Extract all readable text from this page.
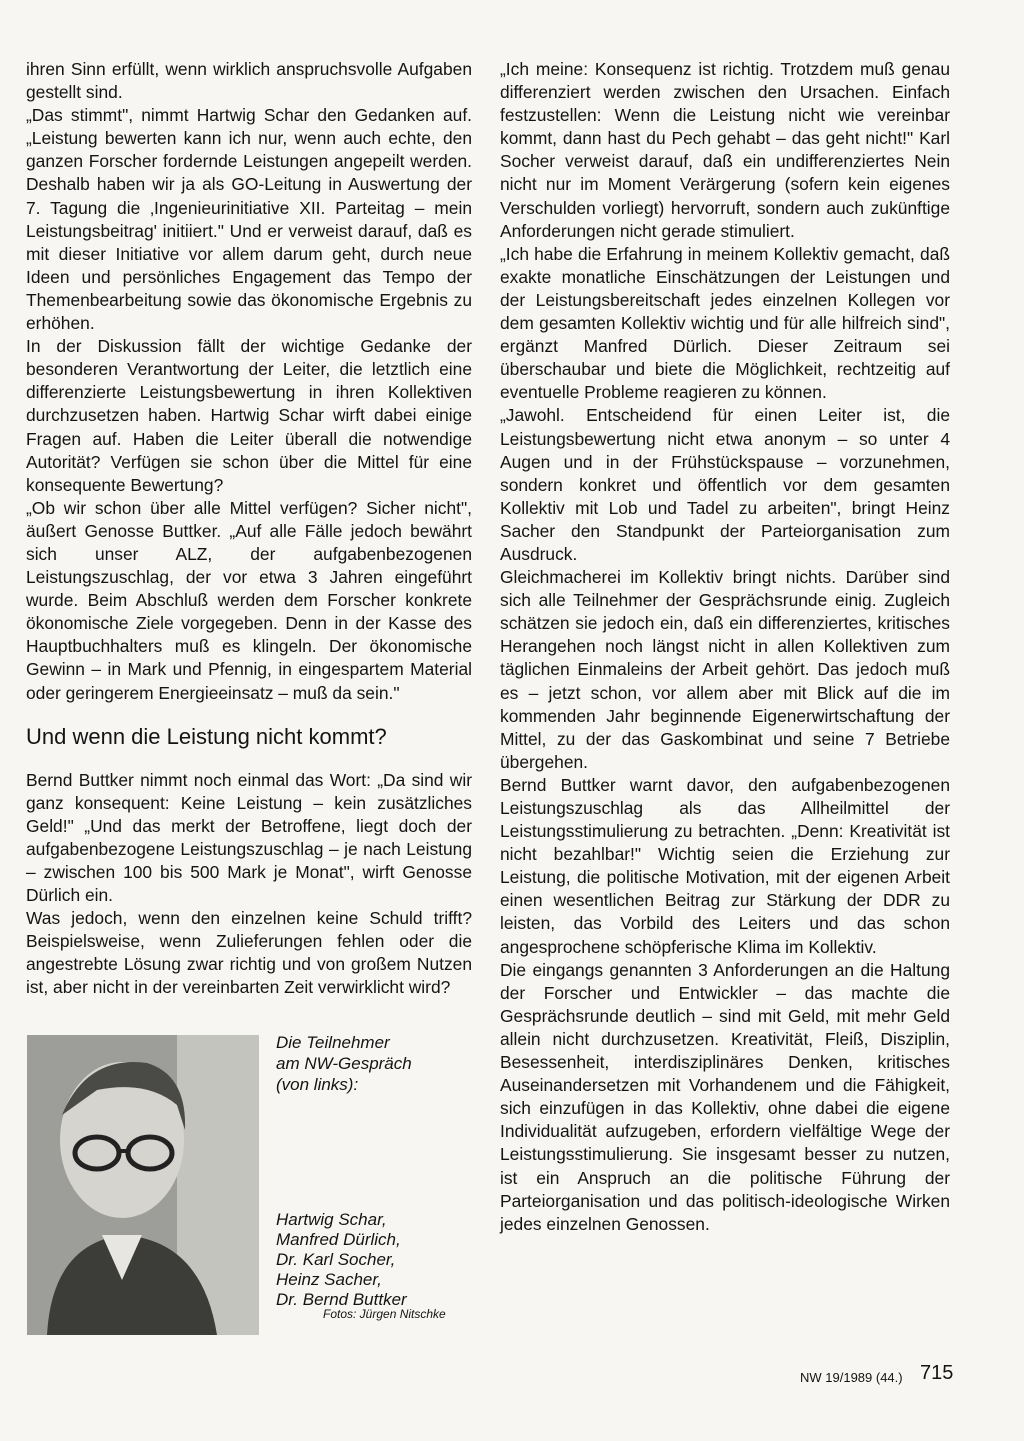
ihren Sinn erfüllt, wenn wirklich anspruchsvolle Aufgaben gestellt sind.

„Das stimmt", nimmt Hartwig Schar den Gedanken auf. „Leistung bewerten kann ich nur, wenn auch echte, den ganzen Forscher fordernde Leistungen angepeilt werden. Deshalb haben wir ja als GO-Leitung in Auswertung der 7. Tagung die ‚Ingenieurinitiative XII. Parteitag – mein Leistungsbeitrag' initiiert." Und er verweist darauf, daß es mit dieser Initiative vor allem darum geht, durch neue Ideen und persönliches Engagement das Tempo der Themenbearbeitung sowie das ökonomische Ergebnis zu erhöhen.

In der Diskussion fällt der wichtige Gedanke der besonderen Verantwortung der Leiter, die letztlich eine differenzierte Leistungsbewertung in ihren Kollektiven durchzusetzen haben. Hartwig Schar wirft dabei einige Fragen auf. Haben die Leiter überall die notwendige Autorität? Verfügen sie schon über die Mittel für eine konsequente Bewertung?

„Ob wir schon über alle Mittel verfügen? Sicher nicht", äußert Genosse Buttker. „Auf alle Fälle jedoch bewährt sich unser ALZ, der aufgabenbezogenen Leistungszuschlag, der vor etwa 3 Jahren eingeführt wurde. Beim Abschluß werden dem Forscher konkrete ökonomische Ziele vorgegeben. Denn in der Kasse des Hauptbuchhalters muß es klingeln. Der ökonomische Gewinn – in Mark und Pfennig, in eingespartem Material oder geringerem Energieeinsatz – muß da sein."

Und wenn die Leistung nicht kommt?

Bernd Buttker nimmt noch einmal das Wort: „Da sind wir ganz konsequent: Keine Leistung – kein zusätzliches Geld!" „Und das merkt der Betroffene, liegt doch der aufgabenbezogene Leistungszuschlag – je nach Leistung – zwischen 100 bis 500 Mark je Monat", wirft Genosse Dürlich ein.

Was jedoch, wenn den einzelnen keine Schuld trifft? Beispielsweise, wenn Zulieferungen fehlen oder die angestrebte Lösung zwar richtig und von großem Nutzen ist, aber nicht in der vereinbarten Zeit verwirklicht wird?

„Ich meine: Konsequenz ist richtig. Trotzdem muß genau differenziert werden zwischen den Ursachen. Einfach festzustellen: Wenn die Leistung nicht wie vereinbar kommt, dann hast du Pech gehabt – das geht nicht!" Karl Socher verweist darauf, daß ein undifferenziertes Nein nicht nur im Moment Verärgerung (sofern kein eigenes Verschulden vorliegt) hervorruft, sondern auch zukünftige Anforderungen nicht gerade stimuliert.

„Ich habe die Erfahrung in meinem Kollektiv gemacht, daß exakte monatliche Einschätzungen der Leistungen und der Leistungsbereitschaft jedes einzelnen Kollegen vor dem gesamten Kollektiv wichtig und für alle hilfreich sind", ergänzt Manfred Dürlich. Dieser Zeitraum sei überschaubar und biete die Möglichkeit, rechtzeitig auf eventuelle Probleme reagieren zu können.

„Jawohl. Entscheidend für einen Leiter ist, die Leistungsbewertung nicht etwa anonym – so unter 4 Augen und in der Frühstückspause – vorzunehmen, sondern konkret und öffentlich vor dem gesamten Kollektiv mit Lob und Tadel zu arbeiten", bringt Heinz Sacher den Standpunkt der Parteiorganisation zum Ausdruck.

Gleichmacherei im Kollektiv bringt nichts. Darüber sind sich alle Teilnehmer der Gesprächsrunde einig. Zugleich schätzen sie jedoch ein, daß ein differenziertes, kritisches Herangehen noch längst nicht in allen Kollektiven zum täglichen Einmaleins der Arbeit gehört. Das jedoch muß es – jetzt schon, vor allem aber mit Blick auf die im kommenden Jahr beginnende Eigenerwirtschaftung der Mittel, zu der das Gaskombinat und seine 7 Betriebe übergehen.

Bernd Buttker warnt davor, den aufgabenbezogenen Leistungszuschlag als das Allheilmittel der Leistungsstimulierung zu betrachten. „Denn: Kreativität ist nicht bezahlbar!" Wichtig seien die Erziehung zur Leistung, die politische Motivation, mit der eigenen Arbeit einen wesentlichen Beitrag zur Stärkung der DDR zu leisten, das Vorbild des Leiters und das schon angesprochene schöpferische Klima im Kollektiv.

Die eingangs genannten 3 Anforderungen an die Haltung der Forscher und Entwickler – das machte die Gesprächsrunde deutlich – sind mit Geld, mit mehr Geld allein nicht durchzusetzen. Kreativität, Fleiß, Disziplin, Besessenheit, interdisziplinäres Denken, kritisches Auseinandersetzen mit Vorhandenem und die Fähigkeit, sich einzufügen in das Kollektiv, ohne dabei die eigene Individualität aufzugeben, erfordern vielfältige Wege der Leistungsstimulierung. Sie insgesamt besser zu nutzen, ist ein Anspruch an die politische Führung der Parteiorganisation und das politisch-ideologische Wirken jedes einzelnen Genossen.

Die Teilnehmer
am NW-Gespräch
(von links):
Hartwig Schar,
Manfred Dürlich,
Dr. Karl Socher,
Heinz Sacher,
Dr. Bernd Buttker
Fotos: Jürgen Nitschke
NW 19/1989 (44.) 715
